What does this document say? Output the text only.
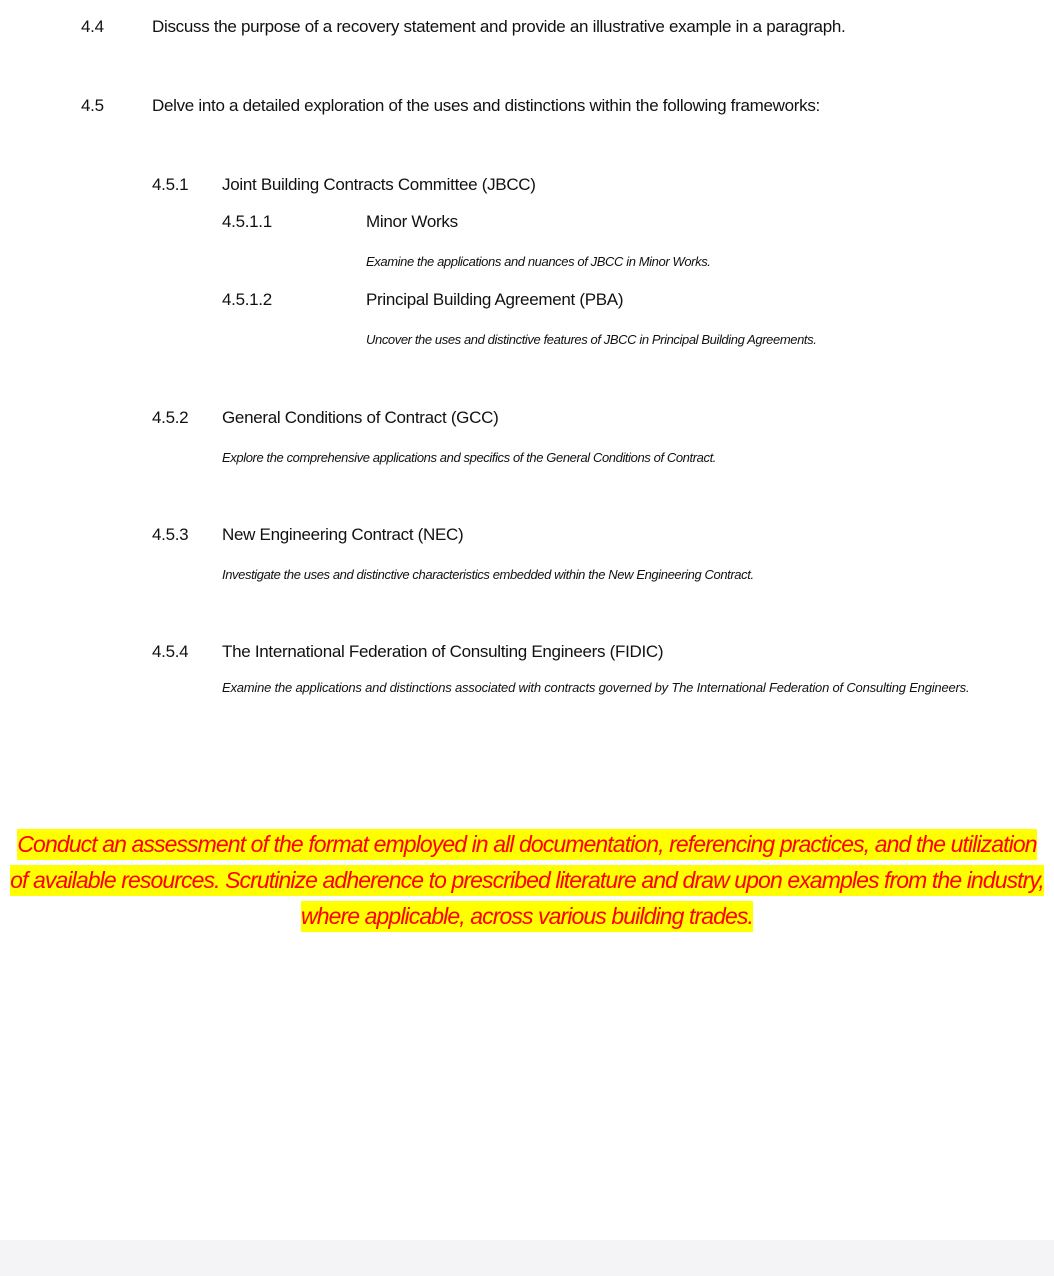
4.4	Discuss the purpose of a recovery statement and provide an illustrative example in a paragraph.
4.5	Delve into a detailed exploration of the uses and distinctions within the following frameworks:
4.5.1 Joint Building Contracts Committee (JBCC)
4.5.1.1	Minor Works
Examine the applications and nuances of JBCC in Minor Works.
4.5.1.2	Principal Building Agreement (PBA)
Uncover the uses and distinctive features of JBCC in Principal Building Agreements.
4.5.2 General Conditions of Contract (GCC)
Explore the comprehensive applications and specifics of the General Conditions of Contract.
4.5.3 New Engineering Contract (NEC)
Investigate the uses and distinctive characteristics embedded within the New Engineering Contract.
4.5.4 The International Federation of Consulting Engineers (FIDIC)
Examine the applications and distinctions associated with contracts governed by The International Federation of Consulting Engineers.
Conduct an assessment of the format employed in all documentation, referencing practices, and the utilization of available resources. Scrutinize adherence to prescribed literature and draw upon examples from the industry, where applicable, across various building trades.
